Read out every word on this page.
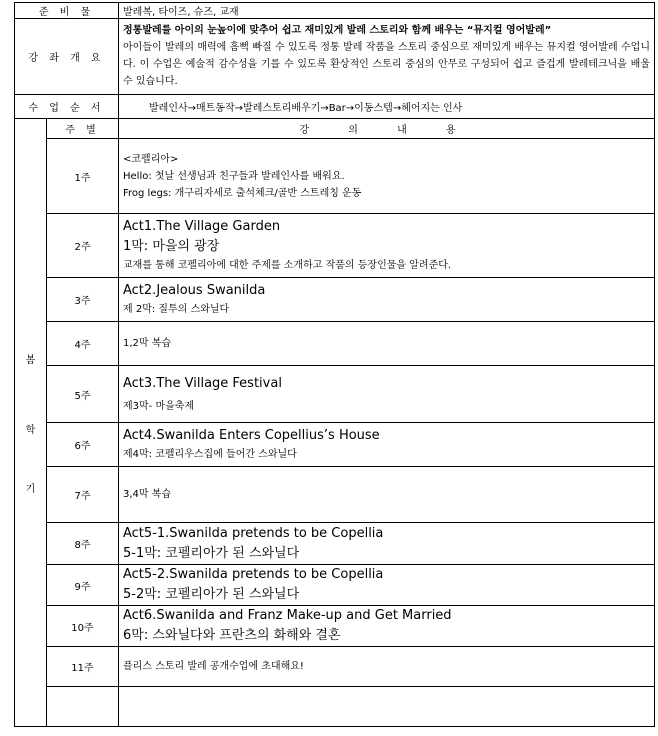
준 비 물		발레복, 타이즈, 슈즈, 교재
강 좌 개 요		정통발레를 아이의 눈높이에 맞추어 쉽고 재미있게 발레 스토리와 함께 배우는 “뮤지컬 영어발레”
아이들이 발레의 매력에 흠뻑 빠질 수 있도록 정통 발레 작품을 스토리 중심으로 재미있게 배우는 뮤지컬 영어발레 수업니다. 이 수업은 예술적 감수성을 기를 수 있도록 환상적인 스토리 중심의 안무로 구성되어 쉽고 즐겁게 발레테크닉을 배울 수 있습니다.

수 업 순 서		발레인사→매트동작→발레스토리배우기→Bar→이동스텝→헤어지는 인사

봄

학

기	주 별	강 의 내 용
	1주	<코펠리아>
Hello: 첫날 선생님과 친구들과 발레인사를 배워요.
Frog legs: 개구리자세로 출석체크/골반 스트레칭 운동

	2주	Act1.The Village Garden
1막: 마을의 광장
교재를 통해 코펠리아에 대한 주제를 소개하고 작품의 등장인물을 알려준다.

	3주	Act2.Jealous Swanilda
제 2막: 질투의 스와닐다

	4주	1,2막 복습
	5주	Act3.The Village Festival
제3막- 마을축제

	6주	Act4.Swanilda Enters Copellius’s House
제4막: 코펠리우스집에 들어간 스와닐다

	7주	3,4막 복습
	8주	Act5-1.Swanilda pretends to be Copellia
5-1막: 코펠리아가 된 스와닐다

	9주	Act5-2.Swanilda pretends to be Copellia
5-2막: 코펠리아가 된 스와닐다

	10주	Act6.Swanilda and Franz Make-up and Get Married
6막: 스와닐다와 프란츠의 화해와 결혼

	11주	플리스 스토리 발레 공개수업에 초대해요!
